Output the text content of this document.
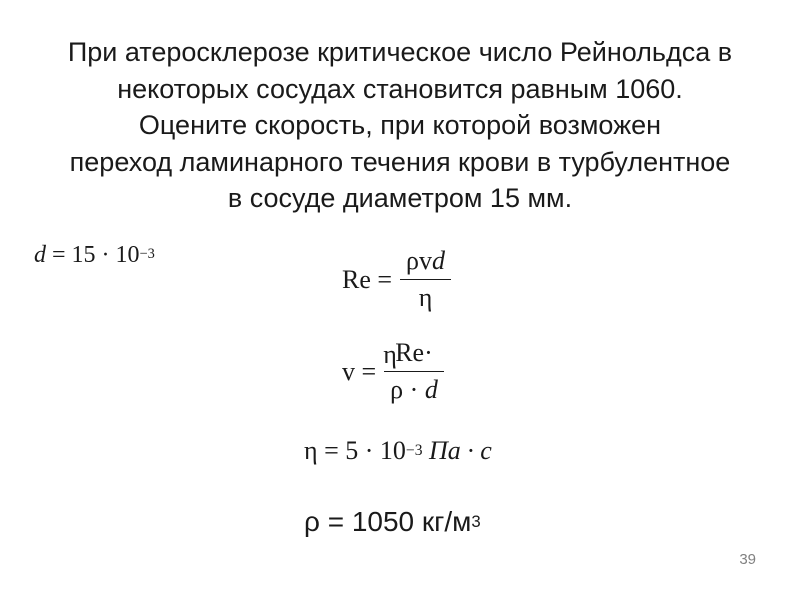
При атеросклерозе критическое число Рейнольдса в
некоторых сосудах становится равным 1060.
Оцените скорость, при которой возможен
переход ламинарного течения крови в турбулентное
в сосуде диаметром 15 мм.
$d = 15 \cdot 10^{-3}$
$Re = \frac{\text{ρvd}}{\eta}$
v = η
Re·
ρ · d
$\eta = 5 \cdot 10^{-3}$ Па · с
ρ = 1050 $кг/м^3$
39
